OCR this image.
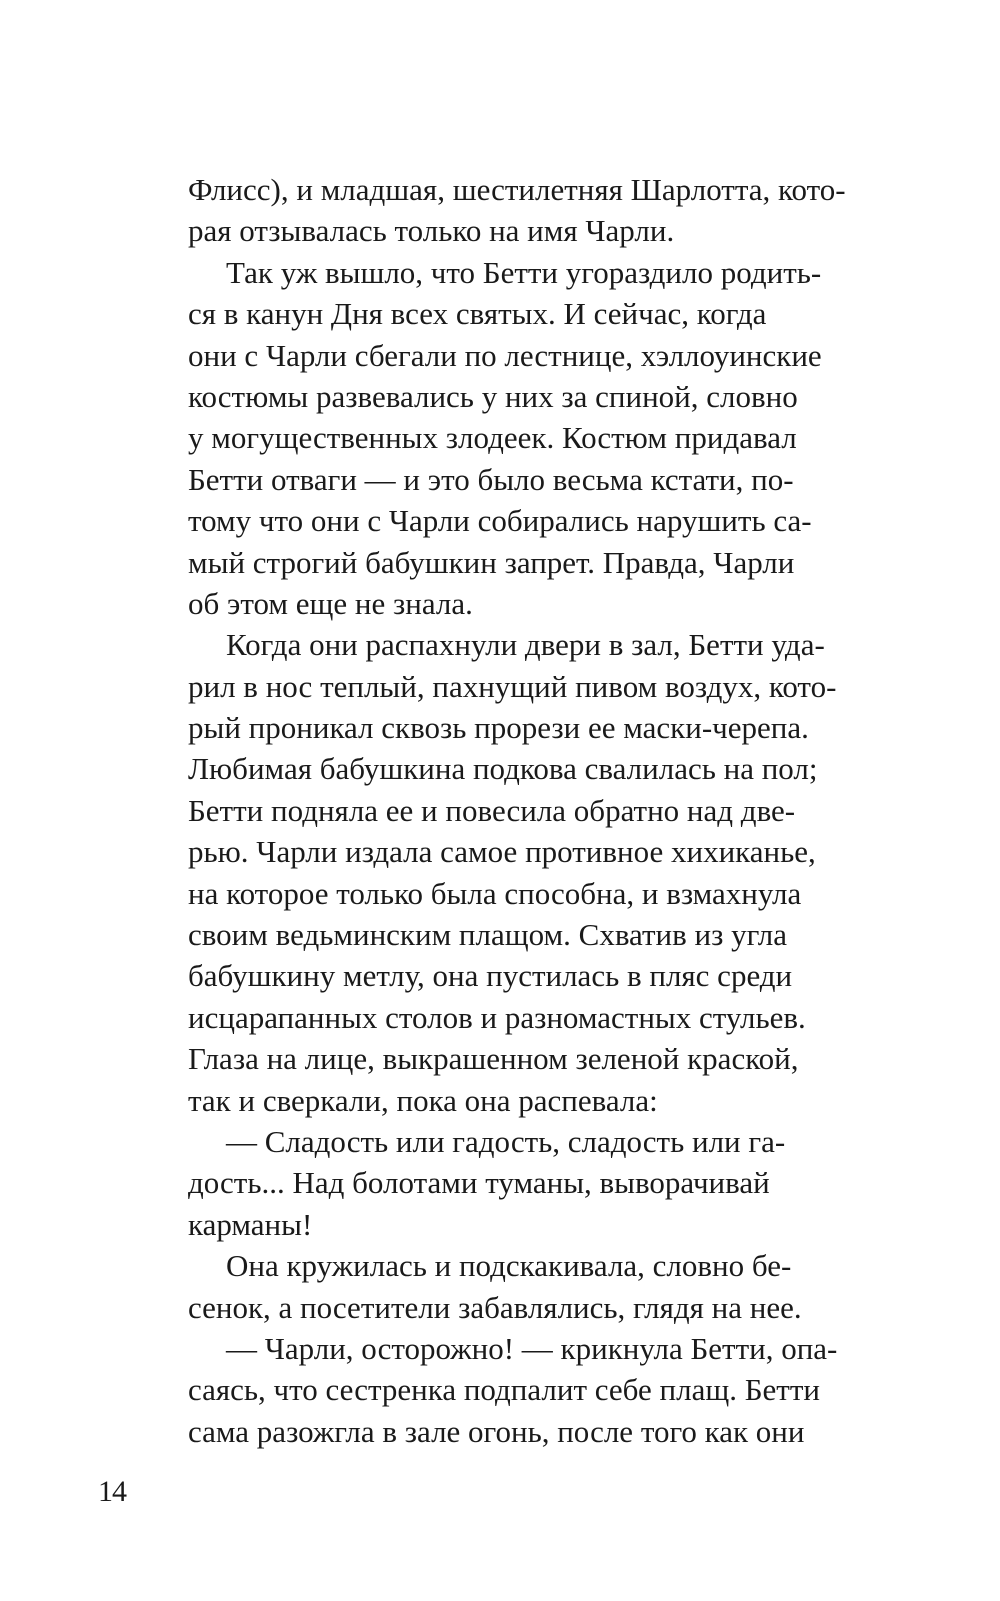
Флисс), и младшая, шестилетняя Шарлотта, кото-
рая отзывалась только на имя Чарли.
Так уж вышло, что Бетти угораздило родить-
ся в канун Дня всех святых. И сейчас, когда
они с Чарли сбегали по лестнице, хэллоуинские
костюмы развевались у них за спиной, словно
у могущественных злодеек. Костюм придавал
Бетти отваги — и это было весьма кстати, по-
тому что они с Чарли собирались нарушить са-
мый строгий бабушкин запрет. Правда, Чарли
об этом еще не знала.
Когда они распахнули двери в зал, Бетти уда-
рил в нос теплый, пахнущий пивом воздух, кото-
рый проникал сквозь прорези ее маски-черепа.
Любимая бабушкина подкова свалилась на пол;
Бетти подняла ее и повесила обратно над две-
рью. Чарли издала самое противное хихиканье,
на которое только была способна, и взмахнула
своим ведьминским плащом. Схватив из угла
бабушкину метлу, она пустилась в пляс среди
исцарапанных столов и разномастных стульев.
Глаза на лице, выкрашенном зеленой краской,
так и сверкали, пока она распевала:
— Сладость или гадость, сладость или га-
дость... Над болотами туманы, выворачивай
карманы!
Она кружилась и подскакивала, словно бе-
сенок, а посетители забавлялись, глядя на нее.
— Чарли, осторожно! — крикнула Бетти, опа-
саясь, что сестренка подпалит себе плащ. Бетти
сама разожгла в зале огонь, после того как они
14
